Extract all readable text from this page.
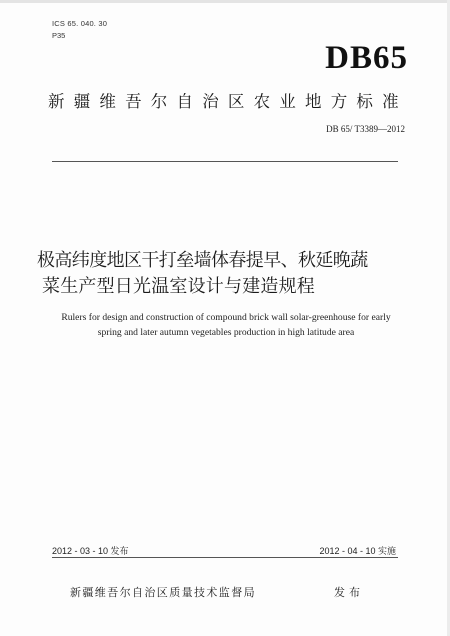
ICS 65. 040. 30
P35
DB65
新疆维吾尔自治区农业地方标准
DB 65/ T3389—2012
极高纬度地区干打垒墙体春提早、秋延晚蔬
菜生产型日光温室设计与建造规程
Rulers for design and construction of compound brick wall solar-greenhouse for early
spring and later autumn vegetables production in high latitude area
2012 - 03 - 10 发布	2012 - 04 - 10 实施
新疆维吾尔自治区质量技术监督局	发布
